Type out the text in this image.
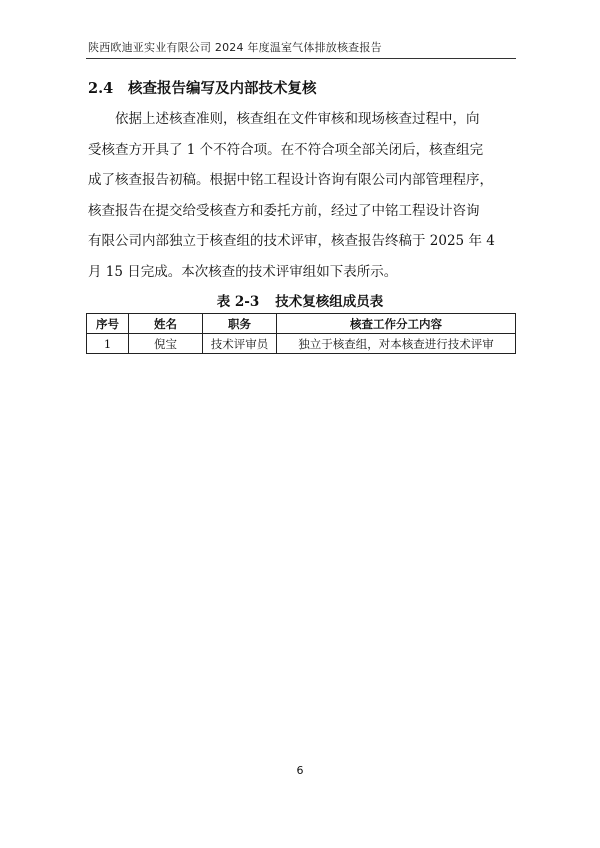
陕西欧迪亚实业有限公司 2024 年度温室气体排放核查报告
2.4 核查报告编写及内部技术复核
　　依据上述核查准则，核查组在文件审核和现场核查过程中，向
受核查方开具了 1 个不符合项。在不符合项全部关闭后，核查组完
成了核查报告初稿。根据中铭工程设计咨询有限公司内部管理程序，
核查报告在提交给受核查方和委托方前，经过了中铭工程设计咨询
有限公司内部独立于核查组的技术评审，核查报告终稿于 2025 年 4
月 15 日完成。本次核查的技术评审组如下表所示。
表 2-3 技术复核组成员表
序号	姓名	职务	核查工作分工内容
1	倪宝	技术评审员	独立于核查组，对本核查进行技术评审
6
